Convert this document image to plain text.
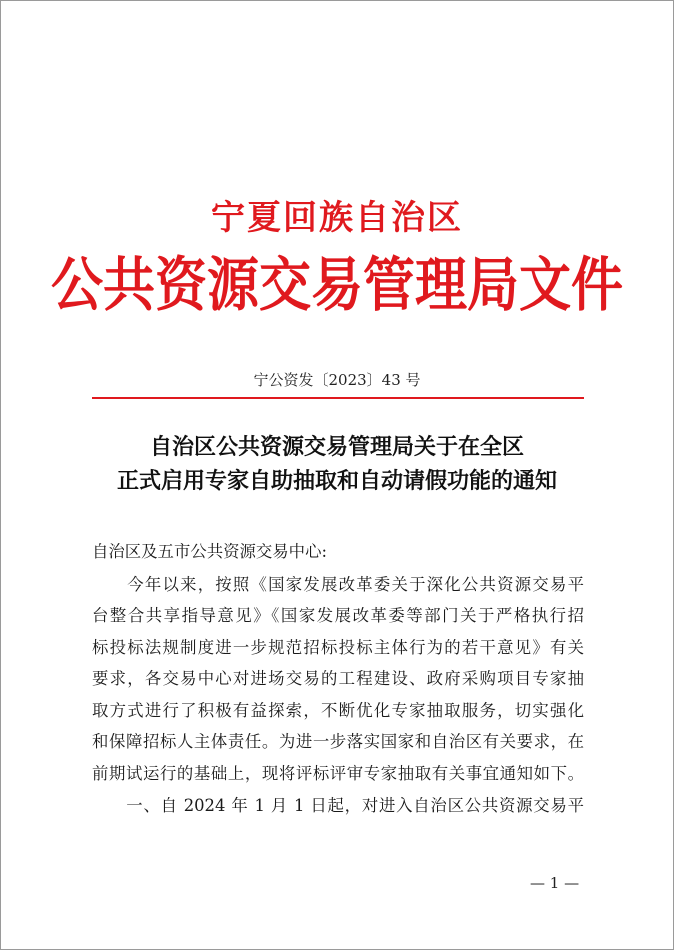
宁夏回族自治区
公共资源交易管理局文件
宁公资发〔2023〕43 号
自治区公共资源交易管理局关于在全区
正式启用专家自助抽取和自动请假功能的通知
自治区及五市公共资源交易中心:
　　今年以来，按照《国家发展改革委关于深化公共资源交易平
台整合共享指导意见》《国家发展改革委等部门关于严格执行招
标投标法规制度进一步规范招标投标主体行为的若干意见》有关
要求，各交易中心对进场交易的工程建设、政府采购项目专家抽
取方式进行了积极有益探索，不断优化专家抽取服务，切实强化
和保障招标人主体责任。为进一步落实国家和自治区有关要求，在
前期试运行的基础上，现将评标评审专家抽取有关事宜通知如下。
　　一、自 2024 年 1 月 1 日起，对进入自治区公共资源交易平
— 1 —
